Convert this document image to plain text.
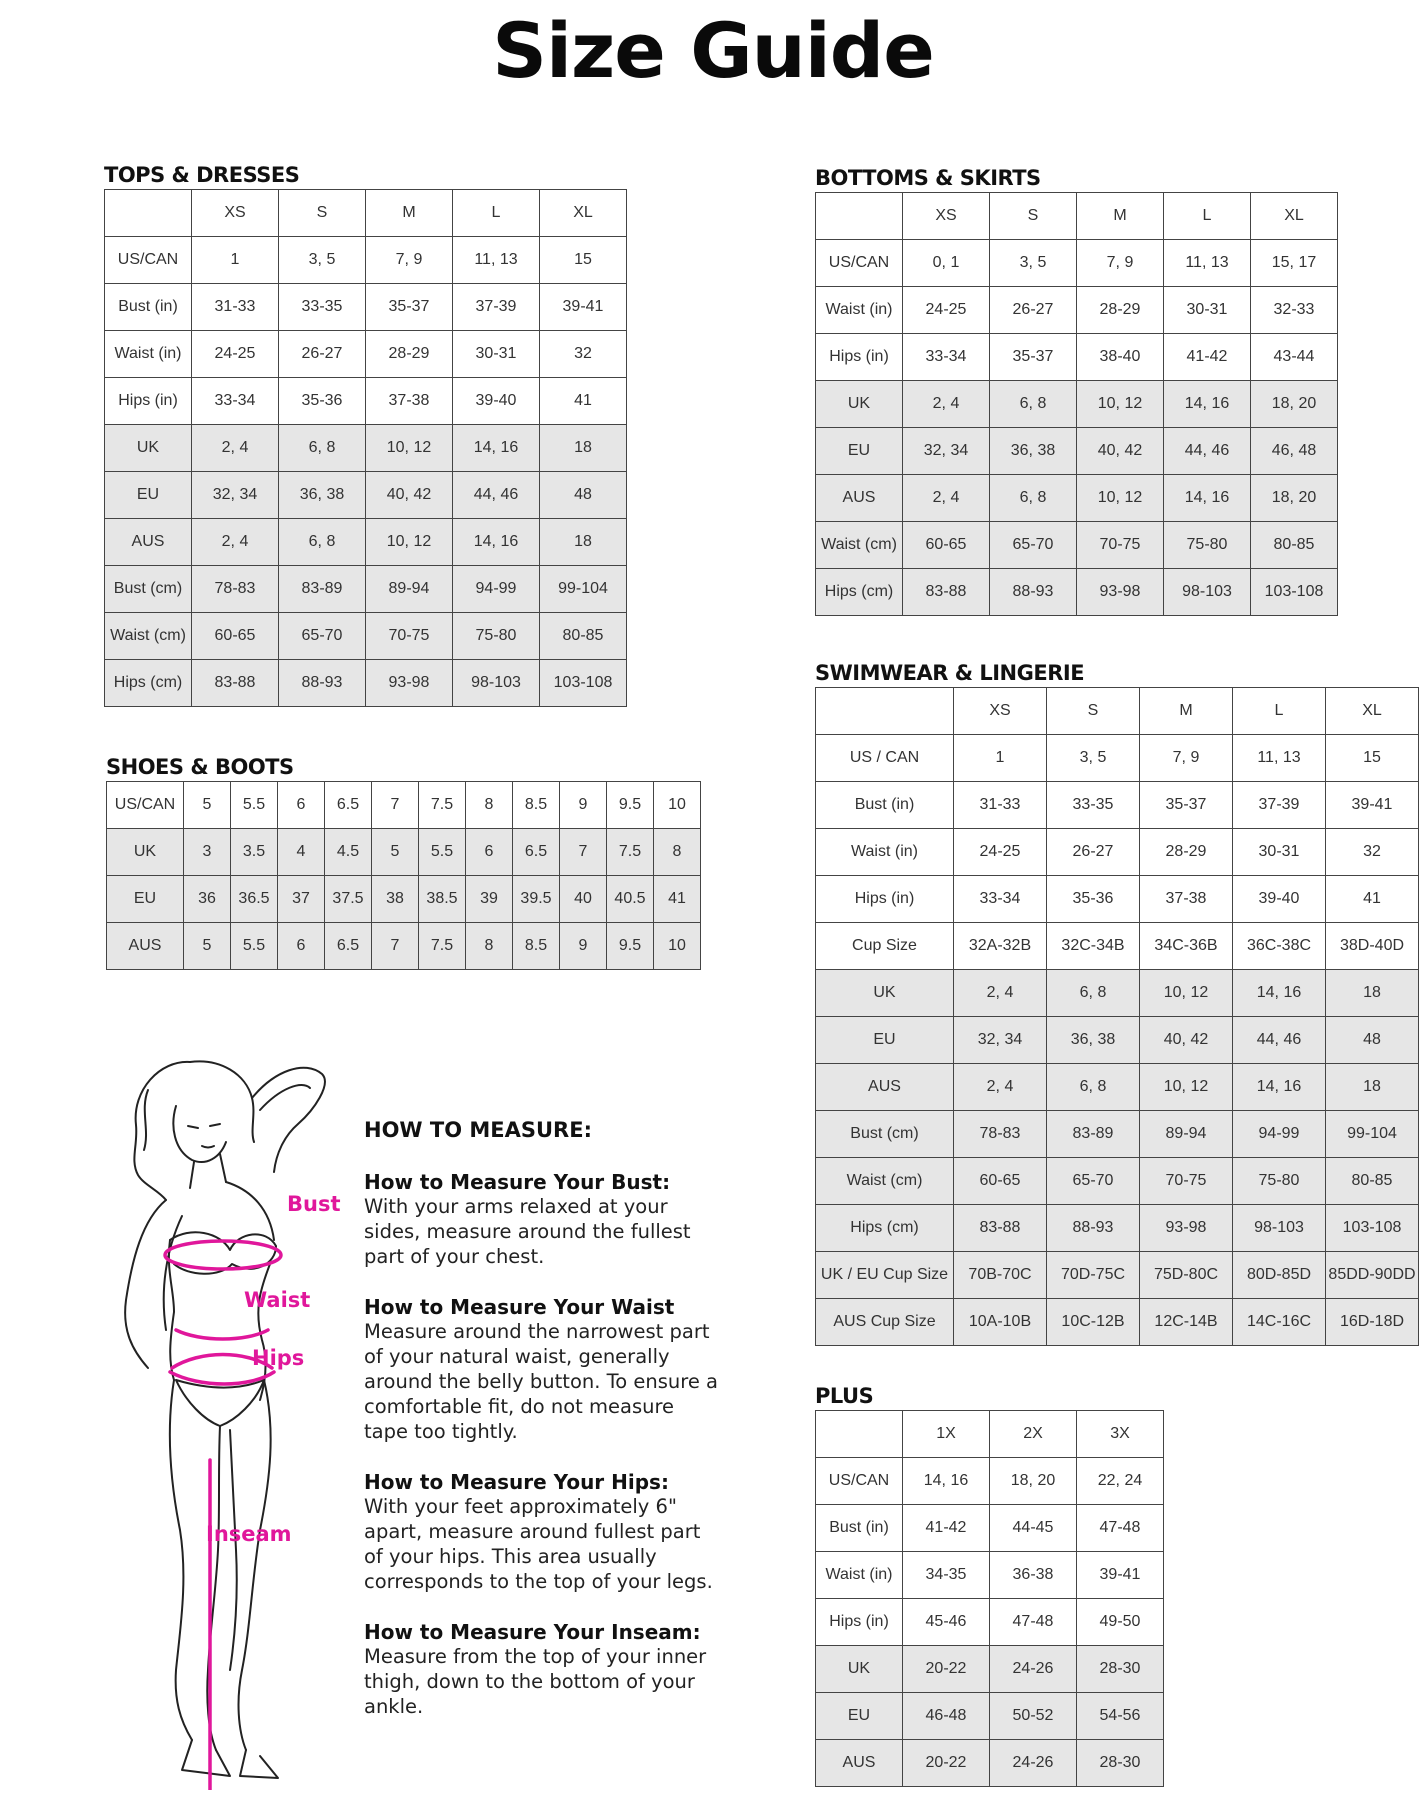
Size Guide
TOPS & DRESSES
	XS	S	M	L	XL
US/CAN	1	3, 5	7, 9	11, 13	15
Bust (in)	31-33	33-35	35-37	37-39	39-41
Waist (in)	24-25	26-27	28-29	30-31	32
Hips (in)	33-34	35-36	37-38	39-40	41
UK	2, 4	6, 8	10, 12	14, 16	18
EU	32, 34	36, 38	40, 42	44, 46	48
AUS	2, 4	6, 8	10, 12	14, 16	18
Bust (cm)	78-83	83-89	89-94	94-99	99-104
Waist (cm)	60-65	65-70	70-75	75-80	80-85
Hips (cm)	83-88	88-93	93-98	98-103	103-108
BOTTOMS & SKIRTS
	XS	S	M	L	XL
US/CAN	0, 1	3, 5	7, 9	11, 13	15, 17
Waist (in)	24-25	26-27	28-29	30-31	32-33
Hips (in)	33-34	35-37	38-40	41-42	43-44
UK	2, 4	6, 8	10, 12	14, 16	18, 20
EU	32, 34	36, 38	40, 42	44, 46	46, 48
AUS	2, 4	6, 8	10, 12	14, 16	18, 20
Waist (cm)	60-65	65-70	70-75	75-80	80-85
Hips (cm)	83-88	88-93	93-98	98-103	103-108
SHOES & BOOTS
US/CAN	5	5.5	6	6.5	7	7.5	8	8.5	9	9.5	10
UK	3	3.5	4	4.5	5	5.5	6	6.5	7	7.5	8
EU	36	36.5	37	37.5	38	38.5	39	39.5	40	40.5	41
AUS	5	5.5	6	6.5	7	7.5	8	8.5	9	9.5	10
SWIMWEAR & LINGERIE
	XS	S	M	L	XL
US / CAN	1	3, 5	7, 9	11, 13	15
Bust (in)	31-33	33-35	35-37	37-39	39-41
Waist (in)	24-25	26-27	28-29	30-31	32
Hips (in)	33-34	35-36	37-38	39-40	41
Cup Size	32A-32B	32C-34B	34C-36B	36C-38C	38D-40D
UK	2, 4	6, 8	10, 12	14, 16	18
EU	32, 34	36, 38	40, 42	44, 46	48
AUS	2, 4	6, 8	10, 12	14, 16	18
Bust (cm)	78-83	83-89	89-94	94-99	99-104
Waist (cm)	60-65	65-70	70-75	75-80	80-85
Hips (cm)	83-88	88-93	93-98	98-103	103-108
UK / EU Cup Size	70B-70C	70D-75C	75D-80C	80D-85D	85DD-90DD
AUS Cup Size	10A-10B	10C-12B	12C-14B	14C-16C	16D-18D
PLUS
	1X	2X	3X
US/CAN	14, 16	18, 20	22, 24
Bust (in)	41-42	44-45	47-48
Waist (in)	34-35	36-38	39-41
Hips (in)	45-46	47-48	49-50
UK	20-22	24-26	28-30
EU	46-48	50-52	54-56
AUS	20-22	24-26	28-30
Bust
Waist
Hips
Inseam
HOW TO MEASURE:
How to Measure Your Bust:
With your arms relaxed at your sides, measure around the fullest part of your chest.
How to Measure Your Waist
Measure around the narrowest part of your natural waist, generally around the belly button. To ensure a comfortable fit, do not measure tape too tightly.
How to Measure Your Hips:
With your feet approximately 6" apart, measure around fullest part of your hips. This area usually corresponds to the top of your legs.
How to Measure Your Inseam:
Measure from the top of your inner thigh, down to the bottom of your ankle.
